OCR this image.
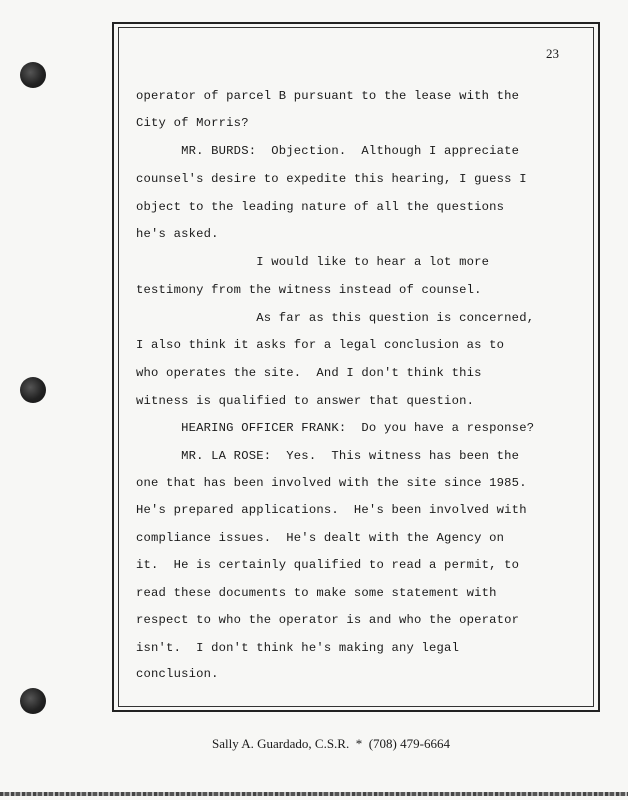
23
operator of parcel B pursuant to the lease with the
City of Morris?
MR. BURDS:  Objection.  Although I appreciate
counsel's desire to expedite this hearing, I guess I
object to the leading nature of all the questions
he's asked.
I would like to hear a lot more
testimony from the witness instead of counsel.
As far as this question is concerned,
I also think it asks for a legal conclusion as to
who operates the site.  And I don't think this
witness is qualified to answer that question.
HEARING OFFICER FRANK:  Do you have a response?
MR. LA ROSE:  Yes.  This witness has been the
one that has been involved with the site since 1985.
He's prepared applications.  He's been involved with
compliance issues.  He's dealt with the Agency on
it.  He is certainly qualified to read a permit, to
read these documents to make some statement with
respect to who the operator is and who the operator
isn't.  I don't think he's making any legal
conclusion.
Sally A. Guardado, C.S.R.  *  (708) 479-6664
